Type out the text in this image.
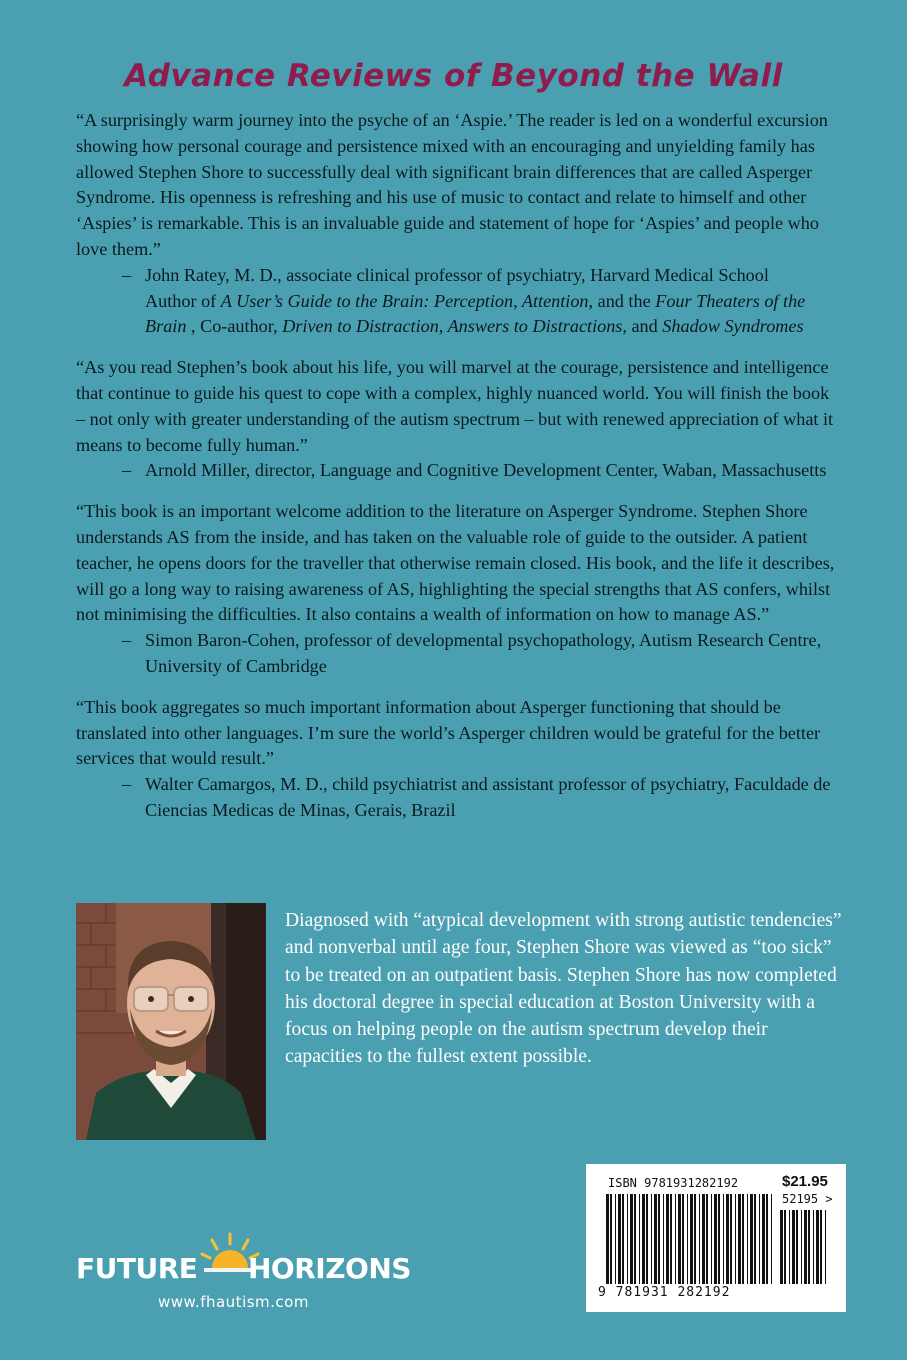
Advance Reviews of Beyond the Wall

“A surprisingly warm journey into the psyche of an ‘Aspie.’ The reader is led on a wonderful excursion showing how personal courage and persistence mixed with an encouraging and unyielding family has allowed Stephen Shore to successfully deal with significant brain differences that are called Asperger Syndrome. His openness is refreshing and his use of music to contact and relate to himself and other ‘Aspies’ is remarkable. This is an invaluable guide and statement of hope for ‘Aspies’ and people who love them.”

– John Ratey, M. D., associate clinical professor of psychiatry, Harvard Medical School
Author of A User’s Guide to the Brain: Perception, Attention, and the Four Theaters of the Brain , Co-author, Driven to Distraction, Answers to Distractions, and Shadow Syndromes

“As you read Stephen’s book about his life, you will marvel at the courage, persistence and intelligence that continue to guide his quest to cope with a complex, highly nuanced world. You will finish the book – not only with greater understanding of the autism spectrum – but with renewed appreciation of what it means to become fully human.”

– Arnold Miller, director, Language and Cognitive Development Center, Waban, Massachusetts

“This book is an important welcome addition to the literature on Asperger Syndrome. Stephen Shore understands AS from the inside, and has taken on the valuable role of guide to the outsider. A patient teacher, he opens doors for the traveller that otherwise remain closed. His book, and the life it describes, will go a long way to raising awareness of AS, highlighting the special strengths that AS confers, whilst not minimising the difficulties. It also contains a wealth of information on how to manage AS.”

– Simon Baron-Cohen, professor of developmental psychopathology, Autism Research Centre, University of Cambridge

“This book aggregates so much important information about Asperger functioning that should be translated into other languages. I’m sure the world’s Asperger children would be grateful for the better services that would result.”

– Walter Camargos, M. D., child psychiatrist and assistant professor of psychiatry, Faculdade de Ciencias Medicas de Minas, Gerais, Brazil

Diagnosed with “atypical development with strong autistic tendencies” and nonverbal until age four, Stephen Shore was viewed as “too sick” to be treated on an outpatient basis. Stephen Shore has now completed his doctoral degree in special education at Boston University with a focus on helping people on the autism spectrum develop their capacities to the fullest extent possible.

FUTURE HORIZONS
www.fhautism.com
ISBN 9781931282192	$21.95
52195 >
9 781931 282192
